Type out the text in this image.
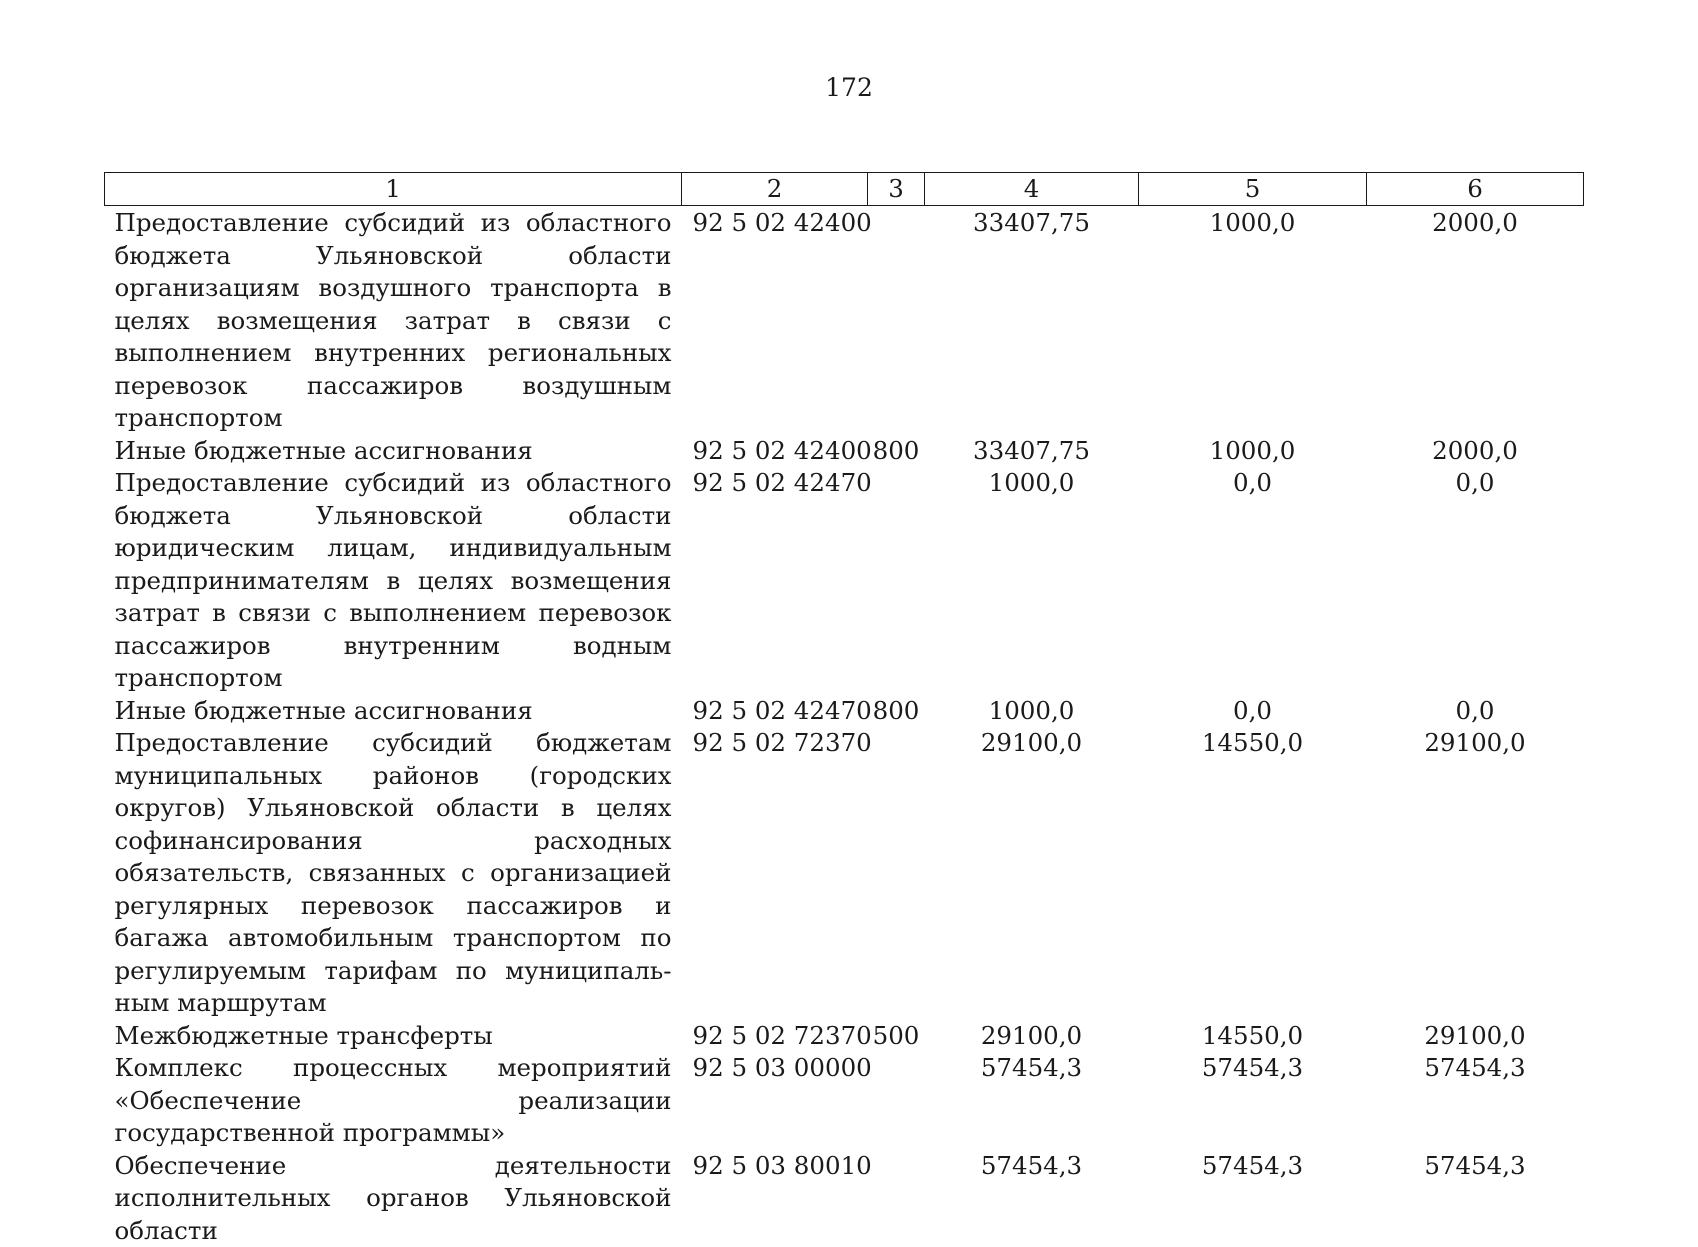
172
1	2	3	4	5	6
Предоставление субсидий из областного бюджета Ульяновской области организациям воздушного транспорта в целях возмещения затрат в связи с выполнением внутренних региональных перевозок пассажиров воздушным транспортом	92 5 02 42400		33407,75	1000,0	2000,0
Иные бюджетные ассигнования	92 5 02 42400	800	33407,75	1000,0	2000,0
Предоставление субсидий из областного бюджета Ульяновской области юридическим лицам, индивидуальным предпринимателям в целях возмещения затрат в связи с выполнением перевозок пассажиров внутренним водным транспортом	92 5 02 42470		1000,0	0,0	0,0
Иные бюджетные ассигнования	92 5 02 42470	800	1000,0	0,0	0,0
Предоставление субсидий бюджетам муниципальных районов (городских округов) Ульяновской области в целях софинансирования расходных обязательств, связанных с организацией регулярных перевозок пассажиров и багажа автомобильным транспортом по регулируемым тарифам по муниципальным маршрутам	92 5 02 72370		29100,0	14550,0	29100,0
Межбюджетные трансферты	92 5 02 72370	500	29100,0	14550,0	29100,0
Комплекс процессных мероприятий «Обеспечение реализации государственной программы»	92 5 03 00000		57454,3	57454,3	57454,3
Обеспечение деятельности исполнительных органов Ульяновской области	92 5 03 80010		57454,3	57454,3	57454,3
